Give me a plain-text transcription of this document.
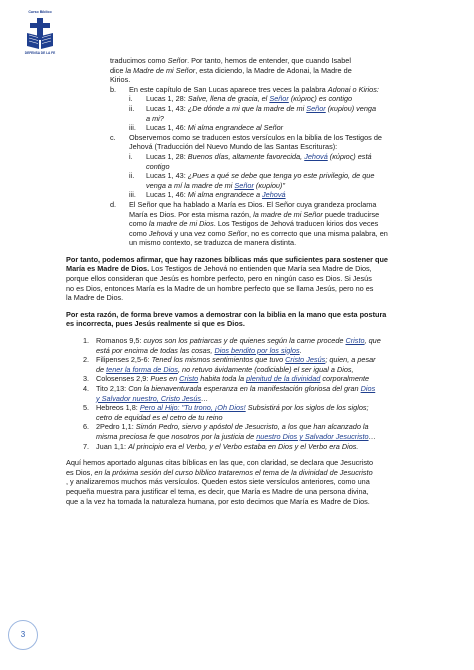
Curso Bíblico
DEFENSA DE LA FE
traducimos como Señor. Por tanto, hemos de entender, que cuando Isabel
dice la Madre de mi Señor, esta diciendo, la Madre de Adonai, la Madre de
Kirios.
b. En este capítulo de San Lucas aparece tres veces la palabra Adonai o Kirios:
i. Lucas 1, 28: Salve, llena de gracia, el Señor (κύριος) es contigo
ii. Lucas 1, 43: ¿De dónde a mi que la madre de mi Señor (κυρίου) venga
a mi?
iii. Lucas 1, 46: Mi alma engrandece al Señor
c. Observemos como se traducen estos versículos en la biblia de los Testigos de
Jehová (Traducción del Nuevo Mundo de las Santas Escrituras):
i. Lucas 1, 28: Buenos días, altamente favorecida, Jehová (κύριος) está
contigo
ii. Lucas 1, 43: ¿Pues a qué se debe que tenga yo este privilegio, de que
venga a mí la madre de mi Señor (κυρίου)"
iii. Lucas 1, 46: Mi alma engrandece a Jehová
d. El Señor que ha hablado a María es Dios. El Señor cuya grandeza proclama
María es Dios. Por esta misma razón, la madre de mi Señor puede traducirse
como la madre de mi Dios. Los Testigos de Jehová traducen kirios dos veces
como Jehová y una vez como Señor, no es correcto que una misma palabra, en
un mismo contexto, se traduzca de manera distinta.
Por tanto, podemos afirmar, que hay razones bíblicas más que suficientes para sostener que
María es Madre de Dios. Los Testigos de Jehová no entienden que María sea Madre de Dios,
porque ellos consideran que Jesús es hombre perfecto, pero en ningún caso es Dios. Si Jesús
no es Dios, entonces María es la Madre de un hombre perfecto que se llama Jesús, pero no es
la Madre de Dios.
Por esta razón, de forma breve vamos a demostrar con la biblia en la mano que esta postura
es incorrecta, pues Jesús realmente si que es Dios.
1. Romanos 9,5: cuyos son los patriarcas y de quienes según la carne procede Cristo, que
está por encima de todas las cosas, Dios bendito por los siglos.
2. Filipenses 2,5-6: Tened los mismos sentimientos que tuvo Cristo Jesús; quien, a pesar
de tener la forma de Dios, no retuvo ávidamente (codiciable) el ser igual a Dios,
3. Colosenses 2,9: Pues en Cristo habita toda la plenitud de la divinidad corporalmente
4. Tito 2,13: Con la bienaventurada esperanza en la manifestación gloriosa del gran Dios
y Salvador nuestro, Cristo Jesús…
5. Hebreos 1,8: Pero al Hijo: "Tu trono, ¡Oh Dios! Subsistirá por los siglos de los siglos;
cetro de equidad es el cetro de tu reino
6. 2Pedro 1,1: Simón Pedro, siervo y apóstol de Jesucristo, a los que han alcanzado la
misma preciosa fe que nosotros por la justicia de nuestro Dios y Salvador Jesucristo…
7. Juan 1,1: Al principio era el Verbo, y el Verbo estaba en Dios y el Verbo era Dios.
Aquí hemos aportado algunas citas bíblicas en las que, con claridad, se declara que Jesucristo
es Dios, en la próxima sesión del curso bíblico trataremos el tema de la divinidad de Jesucristo
, y analizaremos muchos más versículos. Queden estos siete versículos anteriores, como una
pequeña muestra para justificar el tema, es decir, que María es Madre de una persona divina,
que a la vez ha tomada la naturaleza humana, por esto decimos que María es Madre de Dios.
3
